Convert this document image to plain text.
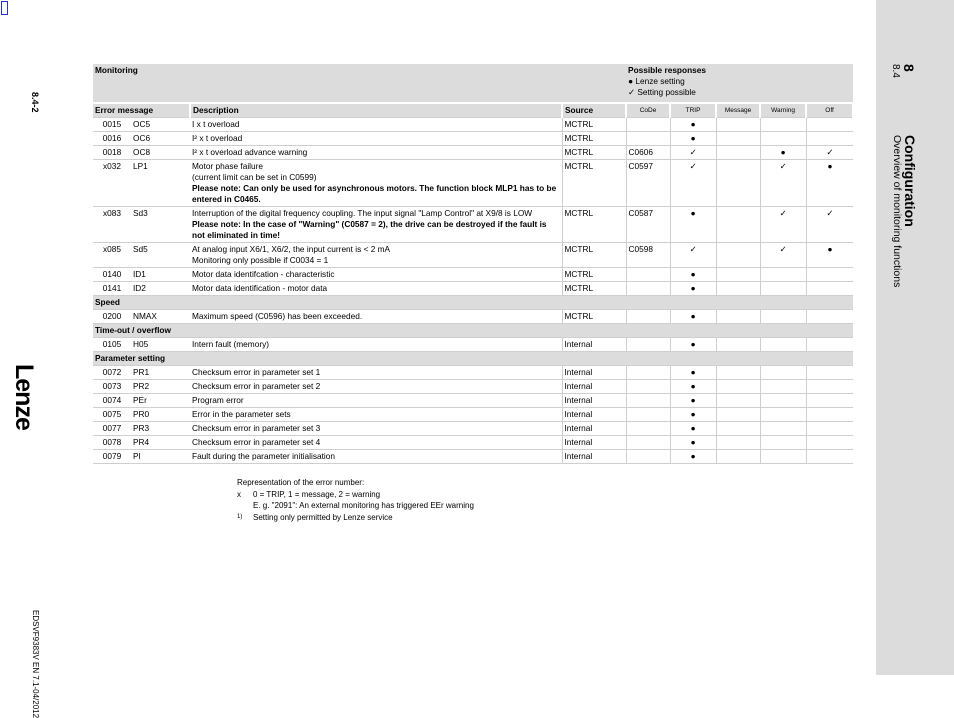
8
8.4
Configuration
Overview of monitoring functions
8.4-2
Lenze
EDSVF9383V EN 7.1-04/2012
Monitoring				Possible responses
● Lenze setting
✓ Setting possible				

Error message		Description	Source	CoDe	TRIP	Message	Warning	Off
0015	OC5	I x t overload	MCTRL		●			
0016	OC6	I² x t overload	MCTRL		●			
0018	OC8	I² x t overload advance warning	MCTRL	C0606	✓		●	✓
x032	LP1	Motor phase failure
(current limit can be set in C0599)
Please note: Can only be used for asynchronous motors. The function block MLP1 has to be entered in C0465.	MCTRL	C0597	✓		✓	●
x083	Sd3	Interruption of the digital frequency coupling. The input signal "Lamp Control" at X9/8 is LOW
Please note: In the case of "Warning" (C0587 = 2), the drive can be destroyed if the fault is not eliminated in time!	MCTRL	C0587	●		✓	✓
x085	Sd5	At analog input X6/1, X6/2, the input current is < 2 mA
Monitoring only possible if C0034 = 1	MCTRL	C0598	✓		✓	●
0140	ID1	Motor data identifcation - characteristic	MCTRL		●			
0141	ID2	Motor data identification - motor data	MCTRL		●			
Speed								
0200	NMAX	Maximum speed (C0596) has been exceeded.	MCTRL		●			
Time-out / overflow								
0105	H05	Intern fault (memory)	Internal		●			
Parameter setting								
0072	PR1	Checksum error in parameter set 1	Internal		●			
0073	PR2	Checksum error in parameter set 2	Internal		●			
0074	PEr	Program error	Internal		●			
0075	PR0	Error in the parameter sets	Internal		●			
0077	PR3	Checksum error in parameter set 3	Internal		●			
0078	PR4	Checksum error in parameter set 4	Internal		●			
0079	PI	Fault during the parameter initialisation	Internal		●			
Representation of the error number:
x	0 = TRIP, 1 = message, 2 = warning
E. g. "2091": An external monitoring has triggered EEr warning
$^{1)}$	Setting only permitted by Lenze service
